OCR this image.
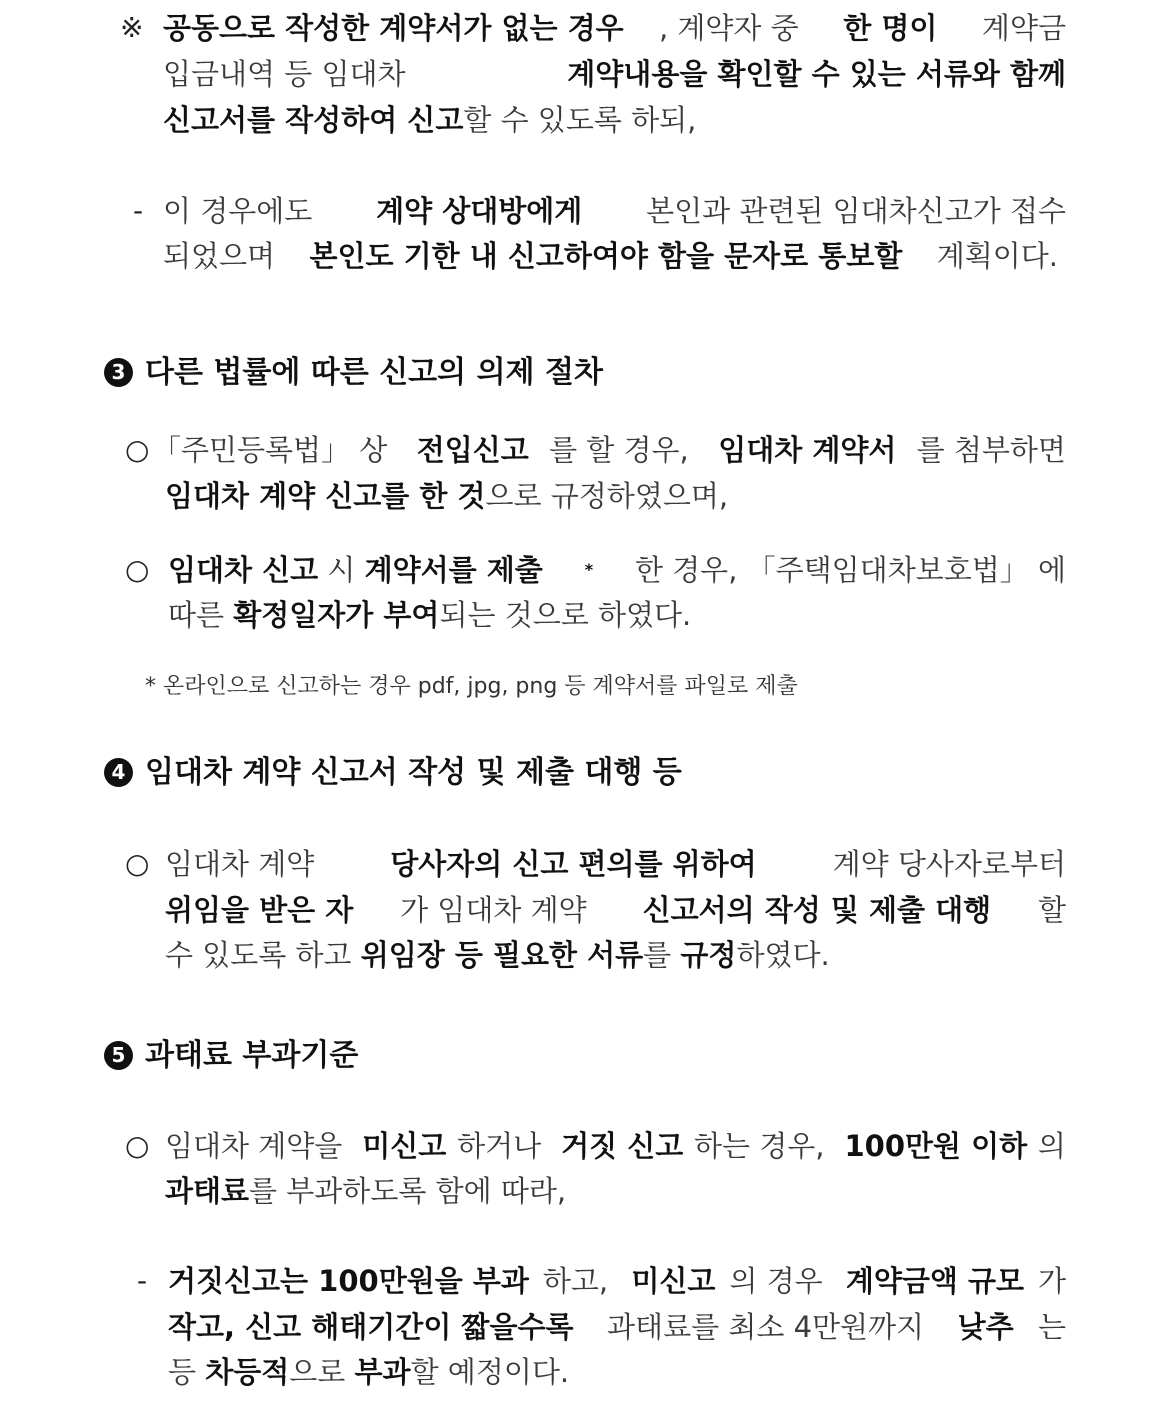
※ 공동으로 작성한 계약서가 없는 경우 , 계약자 중 한 명이 계약금
입금내역 등 임대차	계약내용을 확인할 수 있는 서류와 함께
신고서를 작성하여 신고할 수 있도록 하되,
- 이 경우에도 계약 상대방에게 본인과 관련된 임대차신고가 접수
되었으며 본인도 기한 내 신고하여야 함을 문자로 통보할 계획이다.
3 다른 법률에 따른 신고의 의제 절차
○ 「주민등록법」 상 전입신고 를 할 경우, 임대차 계약서 를 첨부하면
임대차 계약 신고를 한 것으로 규정하였으며,
○ 임대차 신고 시 계약서를 제출	* 한 경우, 「주택임대차보호법」 에
따른 확정일자가 부여되는 것으로 하였다.
* 온라인으로 신고하는 경우 pdf, jpg, png 등 계약서를 파일로 제출
4 임대차 계약 신고서 작성 및 제출 대행 등
○ 임대차 계약 당사자의 신고 편의를 위하여 계약 당사자로부터
위임을 받은 자 가 임대차 계약 신고서의 작성 및 제출 대행 할
수 있도록 하고 위임장 등 필요한 서류를 규정하였다.
5 과태료 부과기준
○ 임대차 계약을 미신고 하거나 거짓 신고 하는 경우, 100만원 이하 의
과태료를 부과하도록 함에 따라,
- 거짓신고는 100만원을 부과 하고, 미신고 의 경우 계약금액 규모 가
작고, 신고 해태기간이 짧을수록 과태료를 최소 4만원까지 낮추 는
등 차등적으로 부과할 예정이다.
